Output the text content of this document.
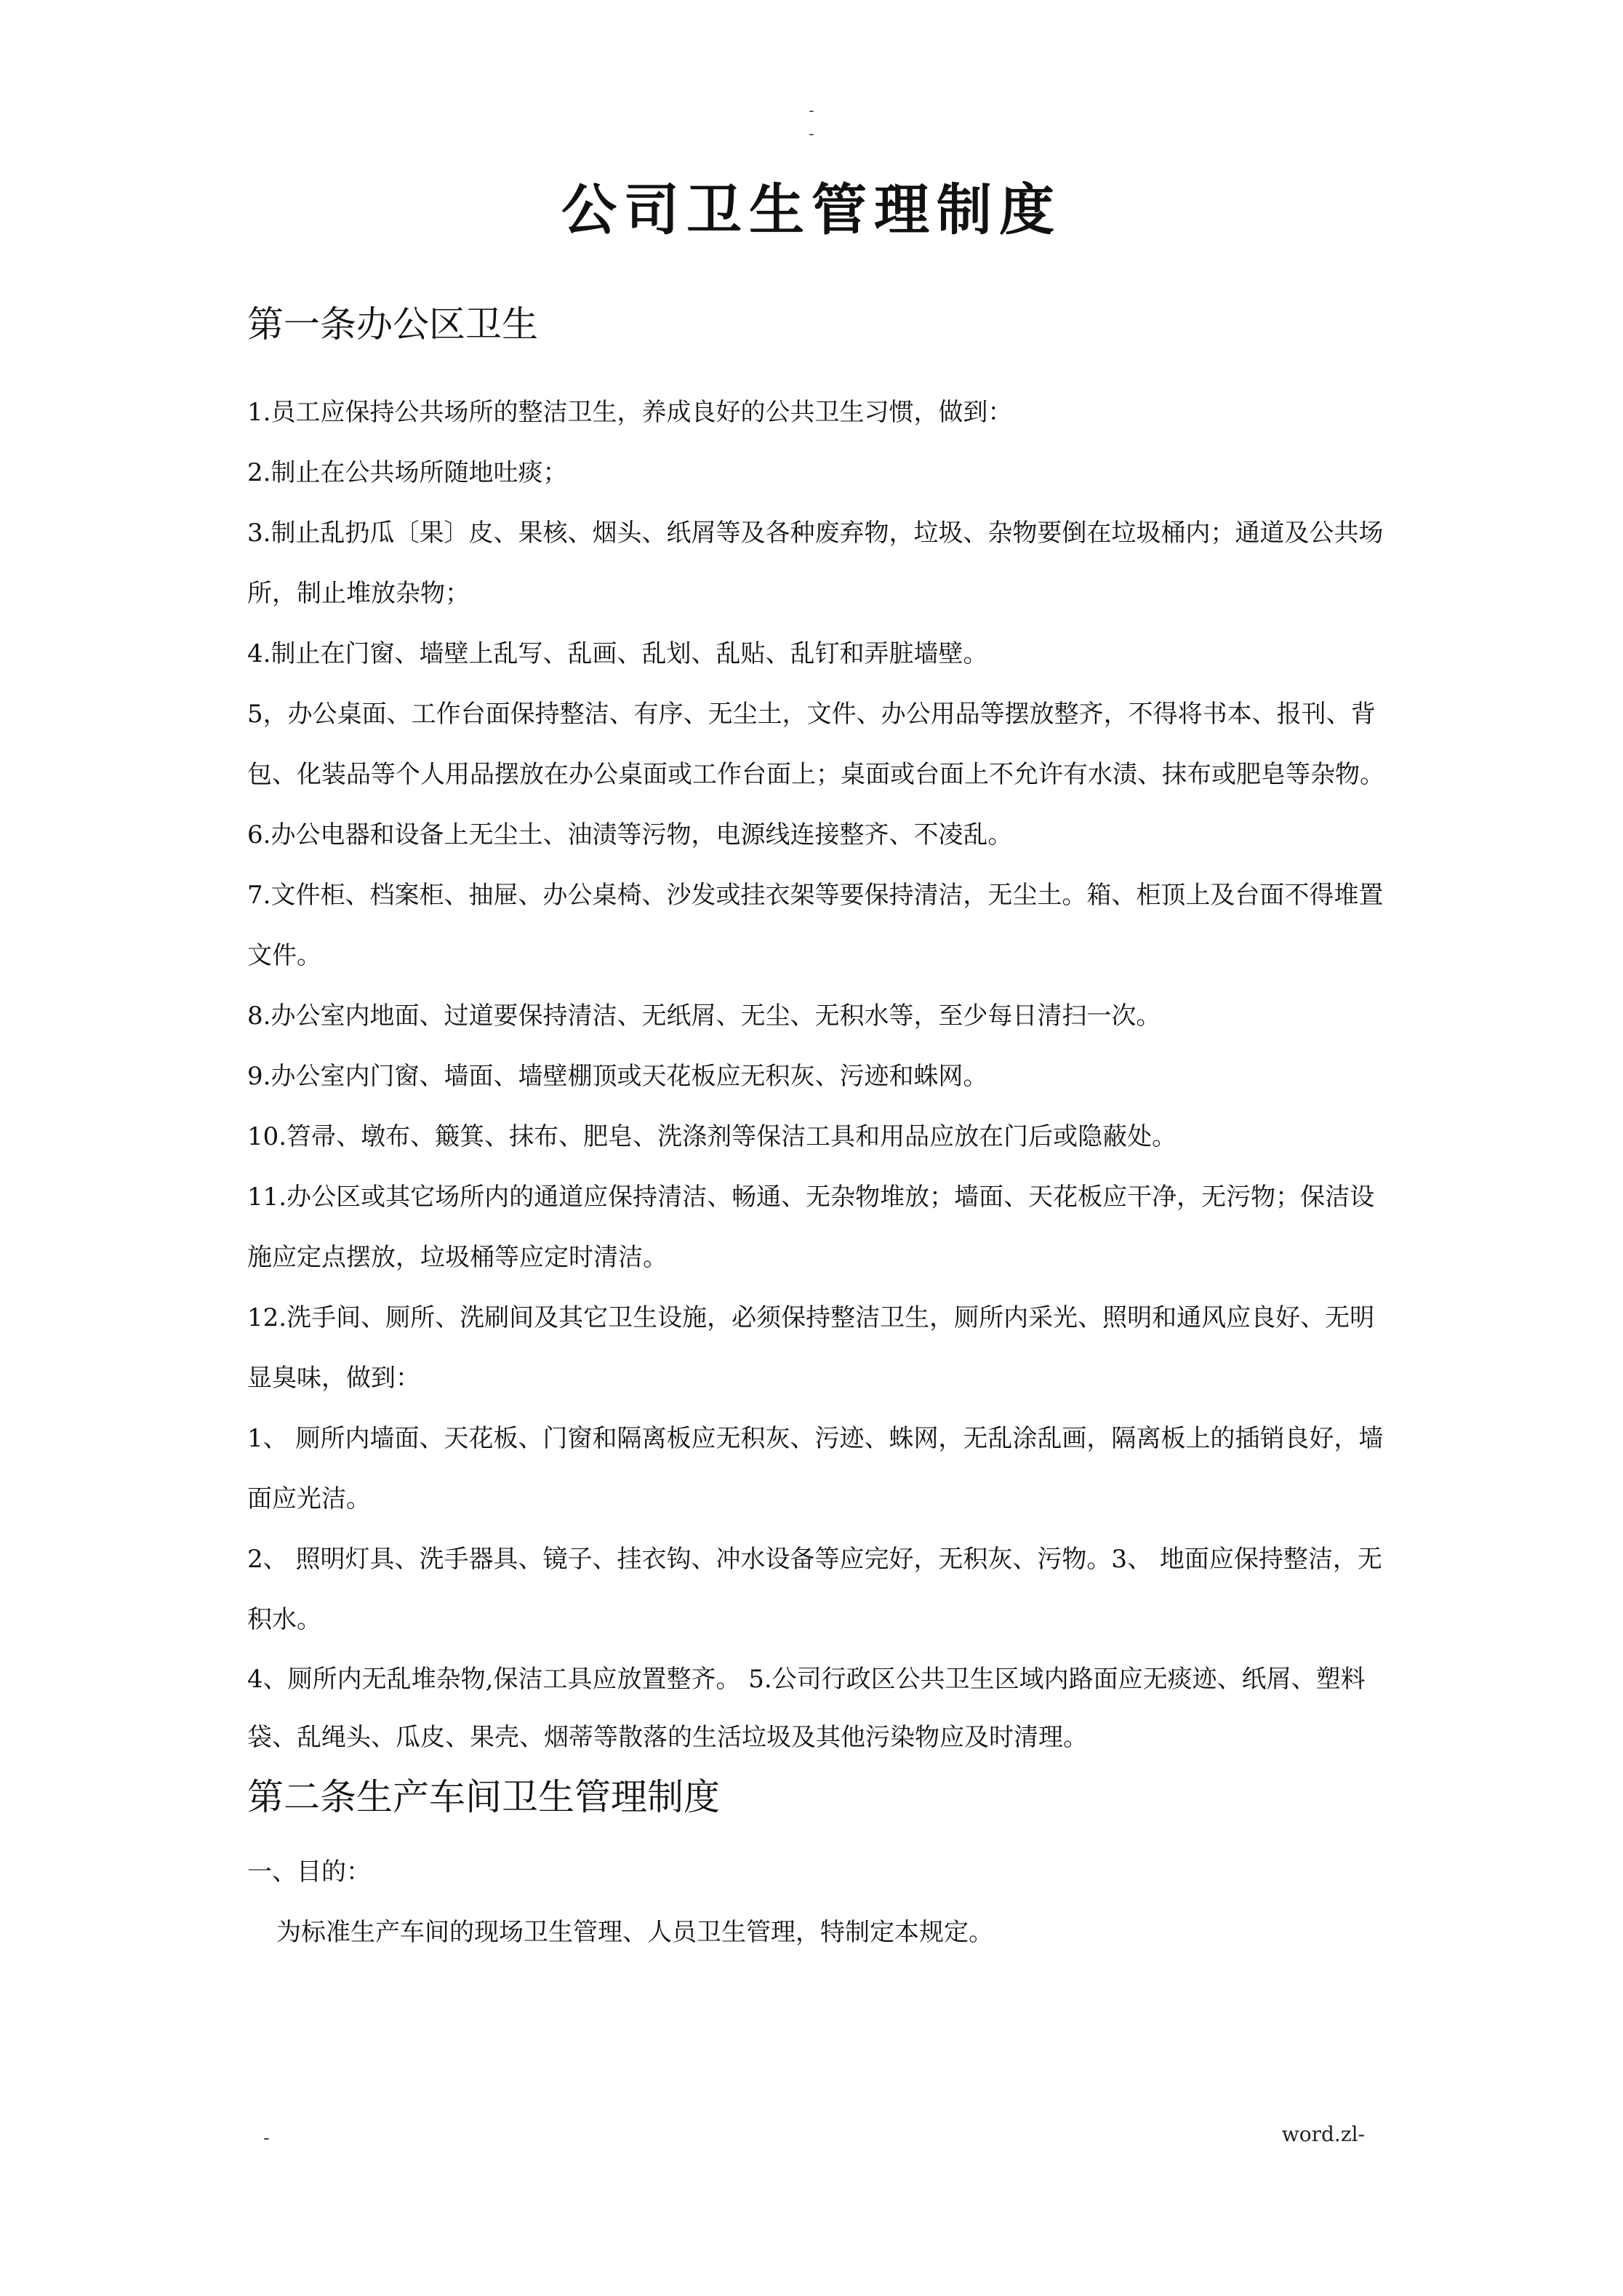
-
-
公司卫生管理制度
第一条办公区卫生

1.员工应保持公共场所的整洁卫生，养成良好的公共卫生习惯，做到：

2.制止在公共场所随地吐痰；

3.制止乱扔瓜〔果〕皮、果核、烟头、纸屑等及各种废弃物，垃圾、杂物要倒在垃圾桶内；通道及公共场所，制止堆放杂物；

4.制止在门窗、墙壁上乱写、乱画、乱划、乱贴、乱钉和弄脏墙壁。

5，办公桌面、工作台面保持整洁、有序、无尘土，文件、办公用品等摆放整齐，不得将书本、报刊、背包、化装品等个人用品摆放在办公桌面或工作台面上；桌面或台面上不允许有水渍、抹布或肥皂等杂物。

6.办公电器和设备上无尘土、油渍等污物，电源线连接整齐、不凌乱。

7.文件柜、档案柜、抽屉、办公桌椅、沙发或挂衣架等要保持清洁，无尘土。箱、柜顶上及台面不得堆置文件。

8.办公室内地面、过道要保持清洁、无纸屑、无尘、无积水等，至少每日清扫一次。

9.办公室内门窗、墙面、墙壁棚顶或天花板应无积灰、污迹和蛛网。

10.笤帚、墩布、簸箕、抹布、肥皂、洗涤剂等保洁工具和用品应放在门后或隐蔽处。

11.办公区或其它场所内的通道应保持清洁、畅通、无杂物堆放；墙面、天花板应干净，无污物；保洁设施应定点摆放，垃圾桶等应定时清洁。

12.洗手间、厕所、洗刷间及其它卫生设施，必须保持整洁卫生，厕所内采光、照明和通风应良好、无明显臭味，做到：

1、 厕所内墙面、天花板、门窗和隔离板应无积灰、污迹、蛛网，无乱涂乱画，隔离板上的插销良好，墙面应光洁。

2、 照明灯具、洗手器具、镜子、挂衣钩、冲水设备等应完好，无积灰、污物。3、 地面应保持整洁，无积水。

4、厕所内无乱堆杂物,保洁工具应放置整齐。 5.公司行政区公共卫生区域内路面应无痰迹、纸屑、塑料袋、乱绳头、瓜皮、果壳、烟蒂等散落的生活垃圾及其他污染物应及时清理。

第二条生产车间卫生管理制度

一、目的：

为标准生产车间的现场卫生管理、人员卫生管理，特制定本规定。

-	word.zl-
